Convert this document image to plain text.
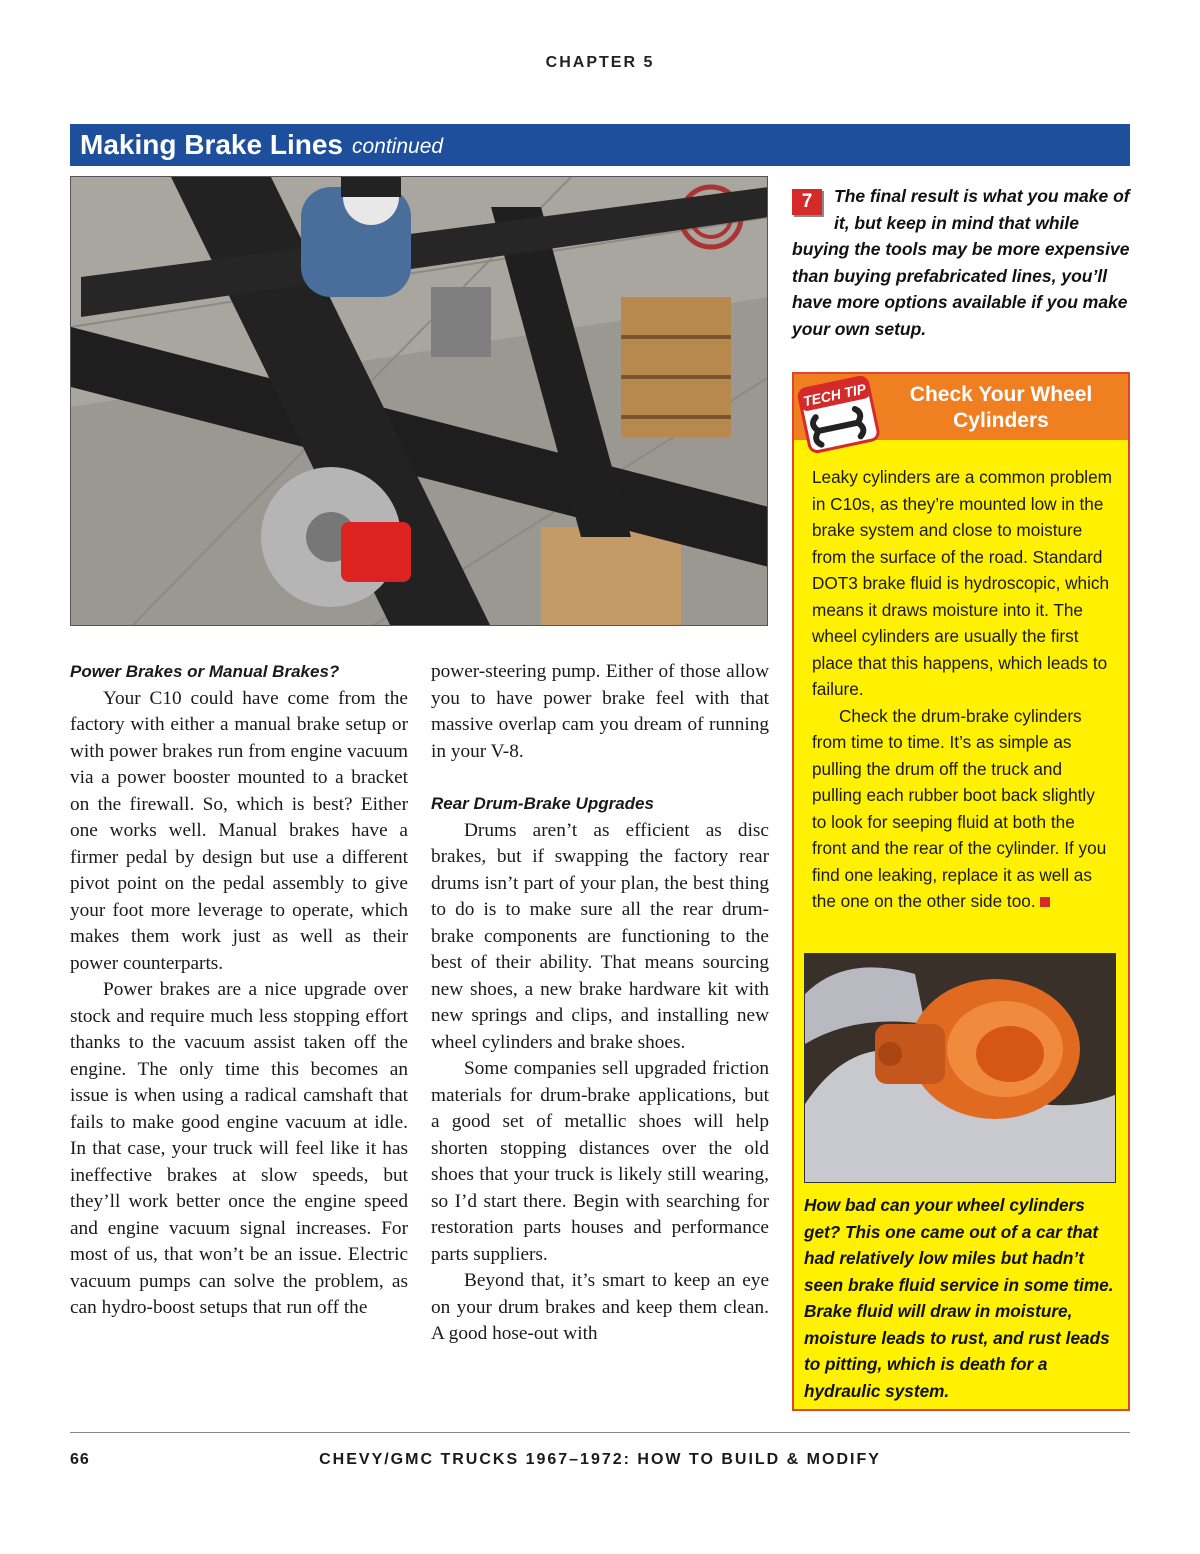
CHAPTER 5
Making Brake Lines continued
7	The final result is what you make of it, but keep in mind that while buying the tools may be more expensive than buying prefabricated lines, you’ll have more options available if you make your own setup.
Power Brakes or Manual Brakes?

Your C10 could have come from the factory with either a manual brake setup or with power brakes run from engine vacuum via a power booster mounted to a bracket on the firewall. So, which is best? Either one works well. Manual brakes have a firmer pedal by design but use a different pivot point on the pedal assembly to give your foot more leverage to operate, which makes them work just as well as their power counterparts.

Power brakes are a nice upgrade over stock and require much less stopping effort thanks to the vacuum assist taken off the engine. The only time this becomes an issue is when using a radical camshaft that fails to make good engine vacuum at idle. In that case, your truck will feel like it has ineffective brakes at slow speeds, but they’ll work better once the engine speed and engine vacuum signal increases. For most of us, that won’t be an issue. Electric vacuum pumps can solve the problem, as can hydro-boost setups that run off the

power-steering pump. Either of those allow you to have power brake feel with that massive overlap cam you dream of running in your V-8.

Rear Drum-Brake Upgrades

Drums aren’t as efficient as disc brakes, but if swapping the factory rear drums isn’t part of your plan, the best thing to do is to make sure all the rear drum-brake components are functioning to the best of their ability. That means sourcing new shoes, a new brake hardware kit with new springs and clips, and installing new wheel cylinders and brake shoes.

Some companies sell upgraded friction materials for drum-brake applications, but a good set of metallic shoes will help shorten stopping distances over the old shoes that your truck is likely still wearing, so I’d start there. Begin with searching for restoration parts houses and performance parts suppliers.

Beyond that, it’s smart to keep an eye on your drum brakes and keep them clean. A good hose-out with

TECH TIP	Check Your Wheel
Cylinders

Leaky cylinders are a common problem in C10s, as they’re mounted low in the brake system and close to moisture from the surface of the road. Standard DOT3 brake fluid is hydroscopic, which means it draws moisture into it. The wheel cylinders are usually the first place that this happens, which leads to failure.

Check the drum-brake cylinders from time to time. It’s as simple as pulling the drum off the truck and pulling each rubber boot back slightly to look for seeping fluid at both the front and the rear of the cylinder. If you find one leaking, replace it as well as the one on the other side too.

How bad can your wheel cylinders get? This one came out of a car that had relatively low miles but hadn’t seen brake fluid service in some time. Brake fluid will draw in moisture, moisture leads to rust, and rust leads to pitting, which is death for a hydraulic system.
66	CHEVY/GMC TRUCKS 1967–1972: HOW TO BUILD & MODIFY
